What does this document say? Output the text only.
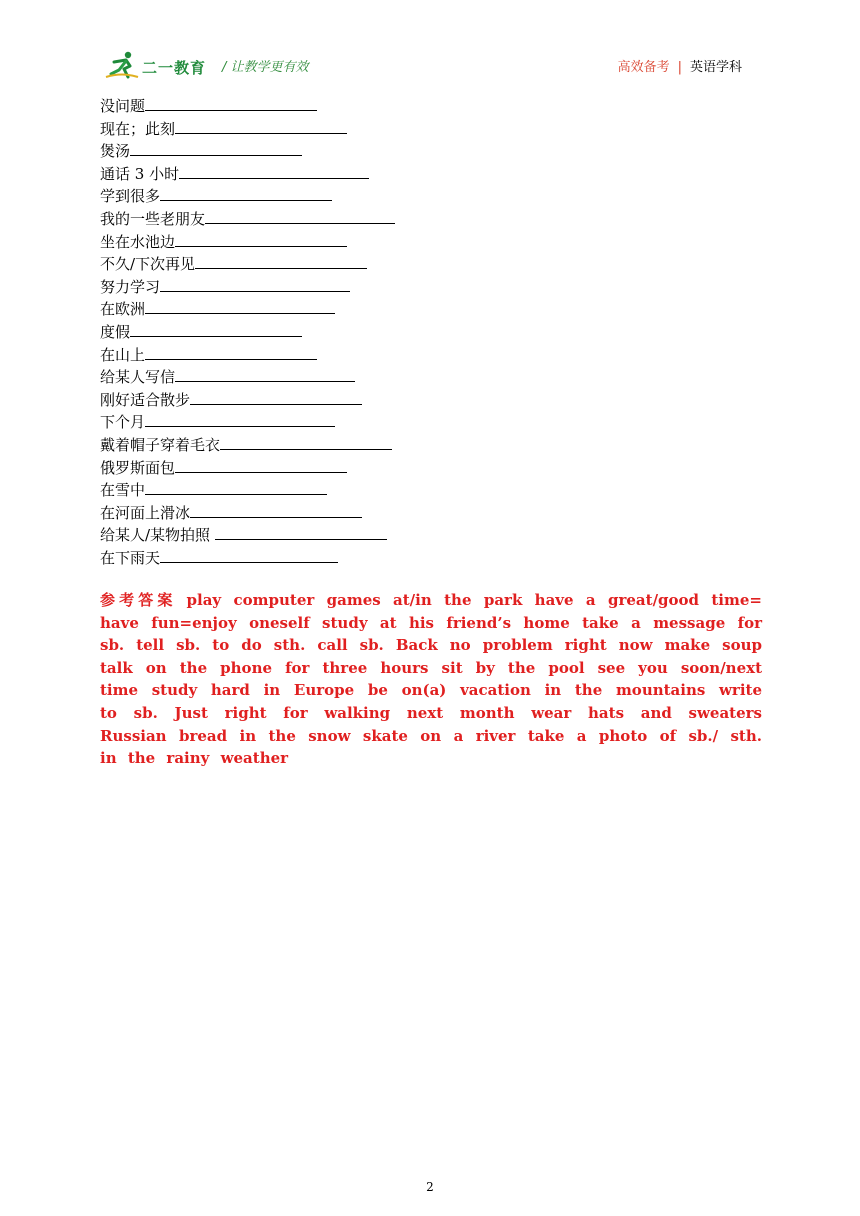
二一教育 / 让教学更有效	高效备考 | 英语学科
没问题
现在；此刻
煲汤
通话 3 小时
学到很多
我的一些老朋友
坐在水池边
不久/下次再见
努力学习
在欧洲
度假
在山上
给某人写信
刚好适合散步
下个月
戴着帽子穿着毛衣
俄罗斯面包
在雪中
在河面上滑冰
给某人/某物拍照
在下雨天

参考答案 play computer games at/in the park have a great/good time= have fun=enjoy oneself study at his friend’s home take a message for sb. tell sb. to do sth. call sb. Back no problem right now make soup talk on the phone for three hours sit by the pool see you soon/next time study hard in Europe be on(a) vacation in the mountains write to sb. Just right for walking next month wear hats and sweaters Russian bread in the snow skate on a river take a photo of sb./ sth. in the rainy weather

2
